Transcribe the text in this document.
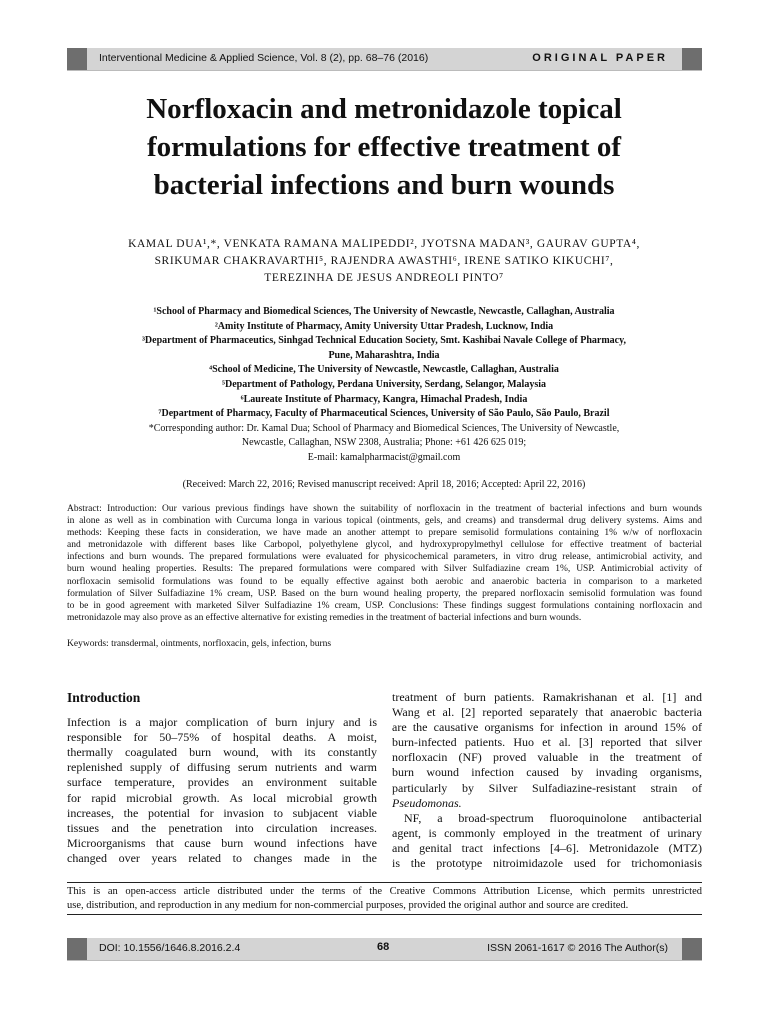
Interventional Medicine & Applied Science, Vol. 8 (2), pp. 68–76 (2016)	ORIGINAL PAPER
Norfloxacin and metronidazole topical
formulations for effective treatment of
bacterial infections and burn wounds
KAMAL DUA¹,*, VENKATA RAMANA MALIPEDDI², JYOTSNA MADAN³, GAURAV GUPTA⁴,
SRIKUMAR CHAKRAVARTHI⁵, RAJENDRA AWASTHI⁶, IRENE SATIKO KIKUCHI⁷,
TEREZINHA DE JESUS ANDREOLI PINTO⁷
¹School of Pharmacy and Biomedical Sciences, The University of Newcastle, Newcastle, Callaghan, Australia
²Amity Institute of Pharmacy, Amity University Uttar Pradesh, Lucknow, India
³Department of Pharmaceutics, Sinhgad Technical Education Society, Smt. Kashibai Navale College of Pharmacy,
Pune, Maharashtra, India
⁴School of Medicine, The University of Newcastle, Newcastle, Callaghan, Australia
⁵Department of Pathology, Perdana University, Serdang, Selangor, Malaysia
⁶Laureate Institute of Pharmacy, Kangra, Himachal Pradesh, India
⁷Department of Pharmacy, Faculty of Pharmaceutical Sciences, University of São Paulo, São Paulo, Brazil
*Corresponding author: Dr. Kamal Dua; School of Pharmacy and Biomedical Sciences, The University of Newcastle,
Newcastle, Callaghan, NSW 2308, Australia; Phone: +61 426 625 019;
E-mail: kamalpharmacist@gmail.com
(Received: March 22, 2016; Revised manuscript received: April 18, 2016; Accepted: April 22, 2016)
Abstract: Introduction: Our various previous findings have shown the suitability of norfloxacin in the treatment of bacterial infections and burn wounds
in alone as well as in combination with Curcuma longa in various topical (ointments, gels, and creams) and transdermal drug delivery systems. Aims and
methods: Keeping these facts in consideration, we have made an another attempt to prepare semisolid formulations containing 1% w/w of norfloxacin
and metronidazole with different bases like Carbopol, polyethylene glycol, and hydroxypropylmethyl cellulose for effective treatment of bacterial
infections and burn wounds. The prepared formulations were evaluated for physicochemical parameters, in vitro drug release, antimicrobial activity, and
burn wound healing properties. Results: The prepared formulations were compared with Silver Sulfadiazine cream 1%, USP. Antimicrobial activity of
norfloxacin semisolid formulations was found to be equally effective against both aerobic and anaerobic bacteria in comparison to a marketed
formulation of Silver Sulfadiazine 1% cream, USP. Based on the burn wound healing property, the prepared norfloxacin semisolid formulation was found
to be in good agreement with marketed Silver Sulfadiazine 1% cream, USP. Conclusions: These findings suggest formulations containing norfloxacin and
metronidazole may also prove as an effective alternative for existing remedies in the treatment of bacterial infections and burn wounds.
Keywords: transdermal, ointments, norfloxacin, gels, infection, burns
Introduction
Infection is a major complication of burn injury and is
responsible for 50–75% of hospital deaths. A moist,
thermally coagulated burn wound, with its constantly
replenished supply of diffusing serum nutrients and warm
surface temperature, provides an environment suitable
for rapid microbial growth. As local microbial growth
increases, the potential for invasion to subjacent viable
tissues and the penetration into circulation increases.
Microorganisms that cause burn wound infections have
changed over years related to changes made in the
treatment of burn patients. Ramakrishanan et al. [1] and
Wang et al. [2] reported separately that anaerobic bacteria
are the causative organisms for infection in around 15% of
burn-infected patients. Huo et al. [3] reported that silver
norfloxacin (NF) proved valuable in the treatment of
burn wound infection caused by invading organisms,
particularly by Silver Sulfadiazine-resistant strain of
Pseudomonas.
NF, a broad-spectrum fluoroquinolone antibacterial
agent, is commonly employed in the treatment of urinary
and genital tract infections [4–6]. Metronidazole (MTZ)
is the prototype nitroimidazole used for trichomoniasis
This is an open-access article distributed under the terms of the Creative Commons Attribution License, which permits unrestricted
use, distribution, and reproduction in any medium for non-commercial purposes, provided the original author and source are credited.
DOI: 10.1556/1646.8.2016.2.4	68	ISSN 2061-1617 © 2016 The Author(s)
